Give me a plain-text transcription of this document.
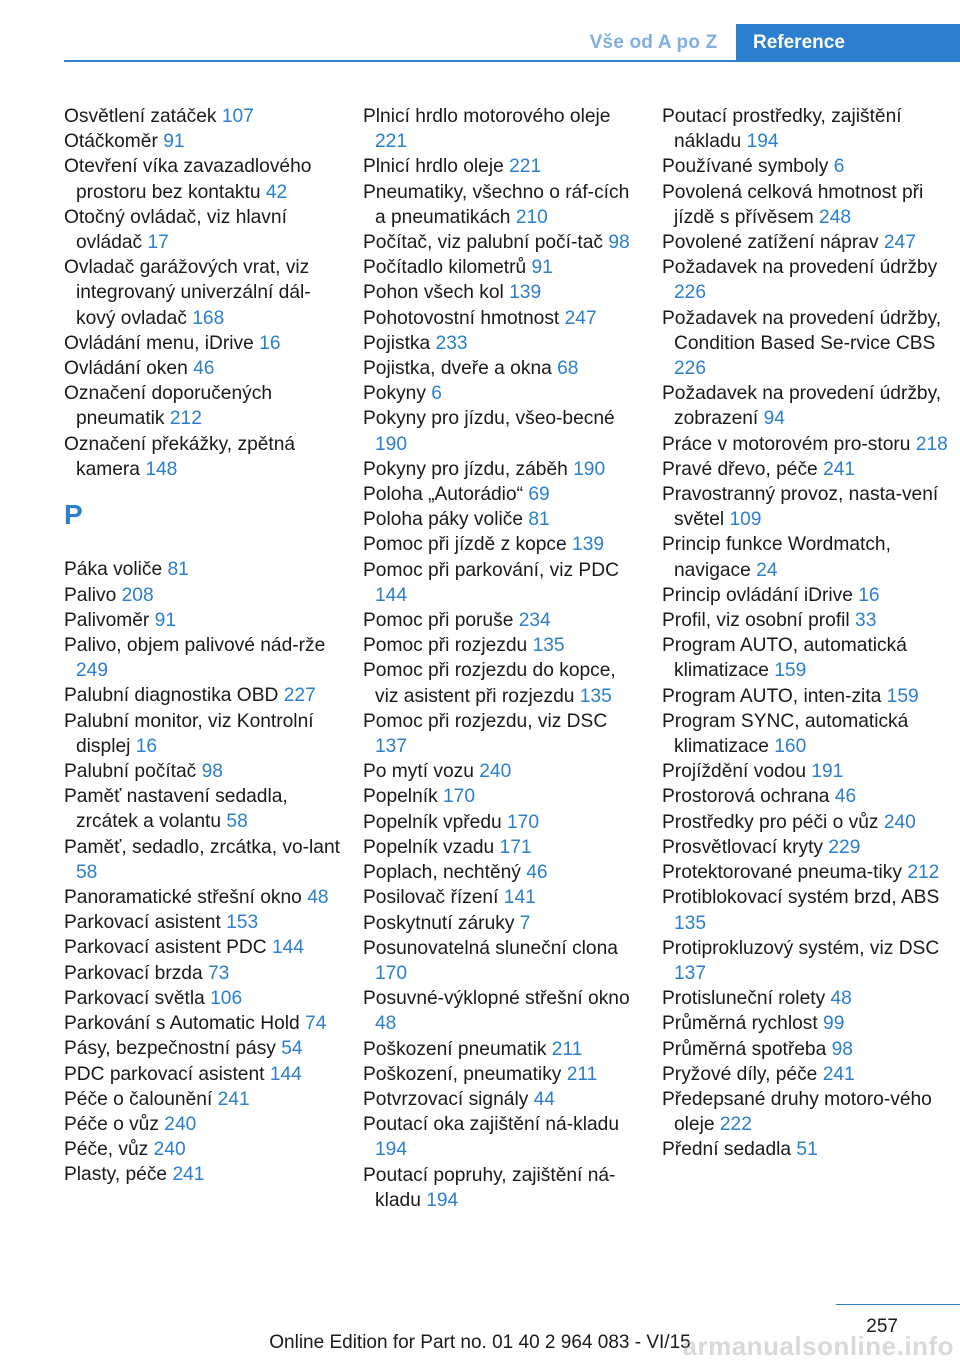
Vše od A po Z	Reference
Osvětlení zatáček 107
Otáčkoměr 91
Otevření víka zavazadlového prostoru bez kontaktu 42
Otočný ovládač, viz hlavní ovládač 17
Ovladač garážových vrat, viz integrovaný univerzální dál‐kový ovladač 168
Ovládání menu, iDrive 16
Ovládání oken 46
Označení doporučených pneumatik 212
Označení překážky, zpětná kamera 148
P
Páka voliče 81
Palivo 208
Palivoměr 91
Palivo, objem palivové nád‐rže 249
Palubní diagnostika OBD 227
Palubní monitor, viz Kontrolní displej 16
Palubní počítač 98
Paměť nastavení sedadla, zrcátek a volantu 58
Paměť, sedadlo, zrcátka, vo‐lant 58
Panoramatické střešní okno 48
Parkovací asistent 153
Parkovací asistent PDC 144
Parkovací brzda 73
Parkovací světla 106
Parkování s Automatic Hold 74
Pásy, bezpečnostní pásy 54
PDC parkovací asistent 144
Péče o čalounění 241
Péče o vůz 240
Péče, vůz 240
Plasty, péče 241
Plnicí hrdlo motorového oleje 221
Plnicí hrdlo oleje 221
Pneumatiky, všechno o ráf‐cích a pneumatikách 210
Počítač, viz palubní počí‐tač 98
Počítadlo kilometrů 91
Pohon všech kol 139
Pohotovostní hmotnost 247
Pojistka 233
Pojistka, dveře a okna 68
Pokyny 6
Pokyny pro jízdu, všeo‐becné 190
Pokyny pro jízdu, záběh 190
Poloha „Autorádio“ 69
Poloha páky voliče 81
Pomoc při jízdě z kopce 139
Pomoc při parkování, viz PDC 144
Pomoc při poruše 234
Pomoc při rozjezdu 135
Pomoc při rozjezdu do kopce, viz asistent při rozjezdu 135
Pomoc při rozjezdu, viz DSC 137
Po mytí vozu 240
Popelník 170
Popelník vpředu 170
Popelník vzadu 171
Poplach, nechtěný 46
Posilovač řízení 141
Poskytnutí záruky 7
Posunovatelná sluneční clona 170
Posuvné-výklopné střešní okno 48
Poškození pneumatik 211
Poškození, pneumatiky 211
Potvrzovací signály 44
Poutací oka zajištění ná‐kladu 194
Poutací popruhy, zajištění ná‐kladu 194
Poutací prostředky, zajištění nákladu 194
Používané symboly 6
Povolená celková hmotnost při jízdě s přívěsem 248
Povolené zatížení náprav 247
Požadavek na provedení údržby 226
Požadavek na provedení údržby, Condition Based Se‐rvice CBS 226
Požadavek na provedení údržby, zobrazení 94
Práce v motorovém pro‐storu 218
Pravé dřevo, péče 241
Pravostranný provoz, nasta‐vení světel 109
Princip funkce Wordmatch, navigace 24
Princip ovládání iDrive 16
Profil, viz osobní profil 33
Program AUTO, automatická klimatizace 159
Program AUTO, inten‐zita 159
Program SYNC, automatická klimatizace 160
Projíždění vodou 191
Prostorová ochrana 46
Prostředky pro péči o vůz 240
Prosvětlovací kryty 229
Protektorované pneuma‐tiky 212
Protiblokovací systém brzd, ABS 135
Protiprokluzový systém, viz DSC 137
Protisluneční rolety 48
Průměrná rychlost 99
Průměrná spotřeba 98
Pryžové díly, péče 241
Předepsané druhy motoro‐vého oleje 222
Přední sedadla 51
257
Online Edition for Part no. 01 40 2 964 083 - VI/15
armanualsonline.info
